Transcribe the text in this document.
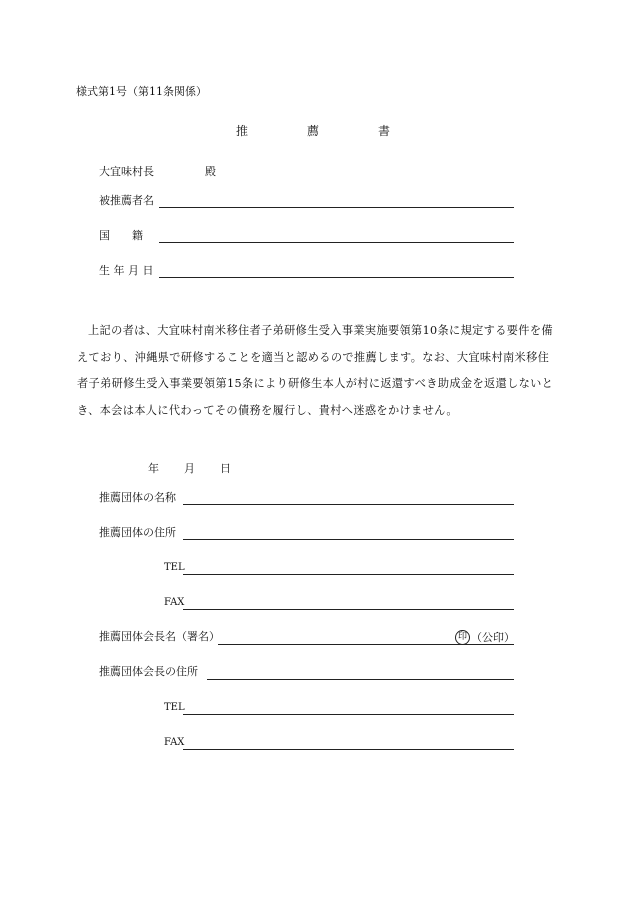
様式第1号（第11条関係）
推	薦	書
大宜味村長	殿
被推薦者名
国　　籍
生 年 月 日

上記の者は、大宜味村南米移住者子弟研修生受入事業実施要領第10条に規定する要件を備えており、沖縄県で研修することを適当と認めるので推薦します。なお、大宜味村南米移住者子弟研修生受入事業要領第15条により研修生本人が村に返還すべき助成金を返還しないとき、本会は本人に代わってその債務を履行し、貴村へ迷惑をかけません。

年 月 日
推薦団体の名称
推薦団体の住所
TEL
FAX
推薦団体会長名（署名）	印 （公印）
推薦団体会長の住所
TEL
FAX
